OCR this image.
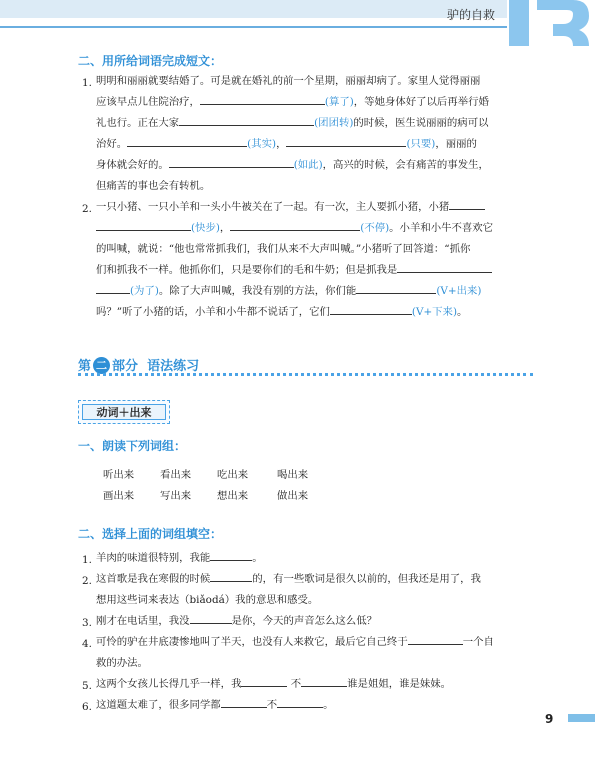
驴的自救
二、用所给词语完成短文：
1. 明明和丽丽就要结婚了。可是就在婚礼的前一个星期，丽丽却病了。家里人觉得丽丽
应该早点儿住院治疗，	(算了)，等她身体好了以后再举行婚
礼也行。正在大家	(团团转)的时候，医生说丽丽的病可以
治好。	(其实)，	(只要)，丽丽的
身体就会好的。	(如此)，高兴的时候，会有痛苦的事发生，
但痛苦的事也会有转机。
2. 一只小猪、一只小羊和一头小牛被关在了一起。有一次，主人要抓小猪，小猪
(快步)，	(不停)。小羊和小牛不喜欢它
的叫喊，就说：“他也常常抓我们，我们从来不大声叫喊。”小猪听了回答道：“抓你
们和抓我不一样。他抓你们，只是要你们的毛和牛奶；但是抓我是
(为了)。除了大声叫喊，我没有别的方法，你们能	(V+出来)
吗？”听了小猪的话，小羊和小牛都不说话了，它们	(V+下来)。
第 二 部分 语法练习
动词＋出来
一、朗读下列词组：
听出来 看出来 吃出来	喝出来
画出来 写出来 想出来	做出来
二、选择上面的词组填空：
1. 羊肉的味道很特别，我能	。
2. 这首歌是我在寒假的时候	的，有一些歌词是很久以前的，但我还是用了，我
想用这些词来表达（biǎodá）我的意思和感受。
3. 刚才在电话里，我没	是你，今天的声音怎么这么低？
4. 可怜的驴在井底凄惨地叫了半天，也没有人来救它，最后它自己终于	一个自
救的办法。
5. 这两个女孩儿长得几乎一样，我	不	谁是姐姐，谁是妹妹。
6. 这道题太难了，很多同学都	不	。
9
